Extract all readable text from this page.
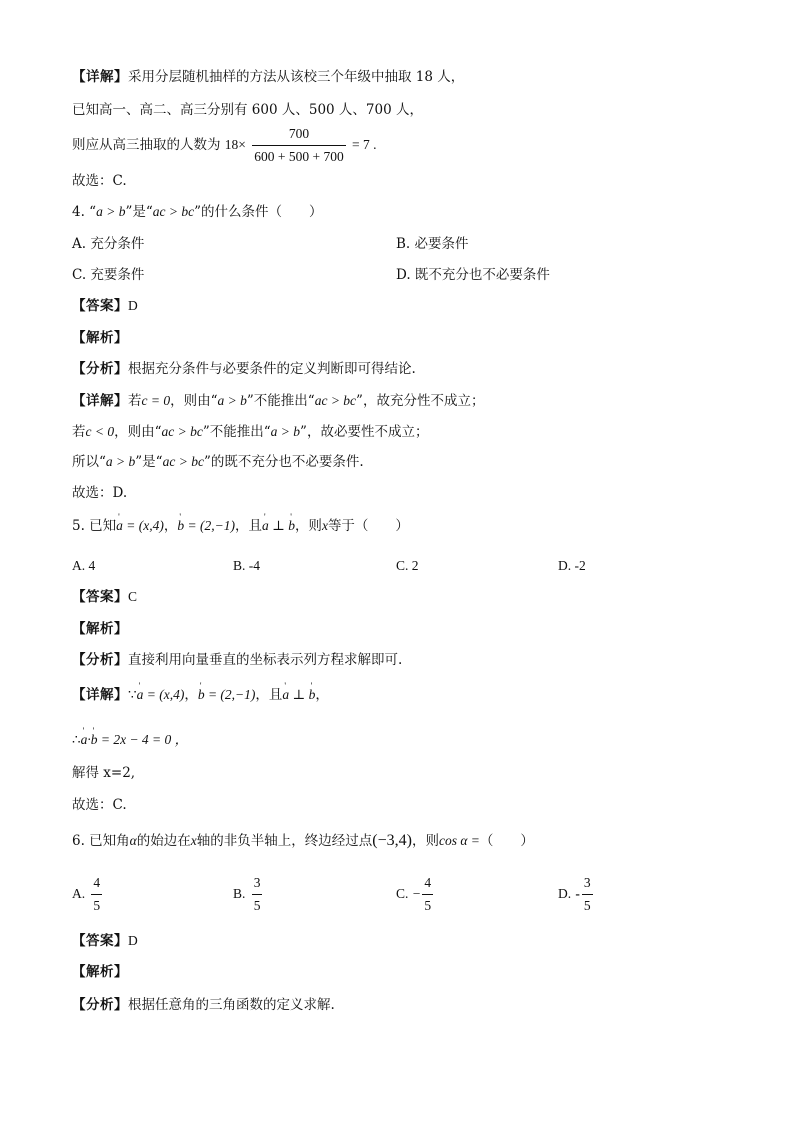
【详解】采用分层随机抽样的方法从该校三个年级中抽取 18 人，
已知高一、高二、高三分别有 600 人、500 人、700 人，
则应从高三抽取的人数为 $18\times \frac{700}{600 + 500 + 700} = 7$ .
故选：C.
4. “a > b”是“ac > bc”的什么条件（　　）
A. 充分条件	B. 必要条件
C. 充要条件	D. 既不充分也不必要条件
【答案】D
【解析】
【分析】根据充分条件与必要条件的定义判断即可得结论.
【详解】若c = 0，则由“a > b”不能推出“ac > bc”，故充分性不成立；
若c < 0，则由“ac > bc”不能推出“a > b”，故必要性不成立；
所以“a > b”是“ac > bc”的既不充分也不必要条件.
故选：D.
5. 已知' a = (x,4)，' b = (2,−1)，且' a ⊥ ' b，则x等于（　　）
A. 4	B. -4	C. 2	D. -2
【答案】C
【解析】
【分析】直接利用向量垂直的坐标表示列方程求解即可.
【详解】∵' a = (x,4)，' b = (2,−1)，且' a ⊥ ' b，
∴' a·' b = 2x − 4 = 0 ，
解得 x=2,
故选：C.
6. 已知角α的始边在x轴的非负半轴上，终边经过点(−3,4)，则cos α =（　　）
A. $\frac{4}{5}$	B. $\frac{3}{5}$	C. − $\frac{4}{5}$	D. - $\frac{3}{5}$
【答案】D
【解析】
【分析】根据任意角的三角函数的定义求解.
